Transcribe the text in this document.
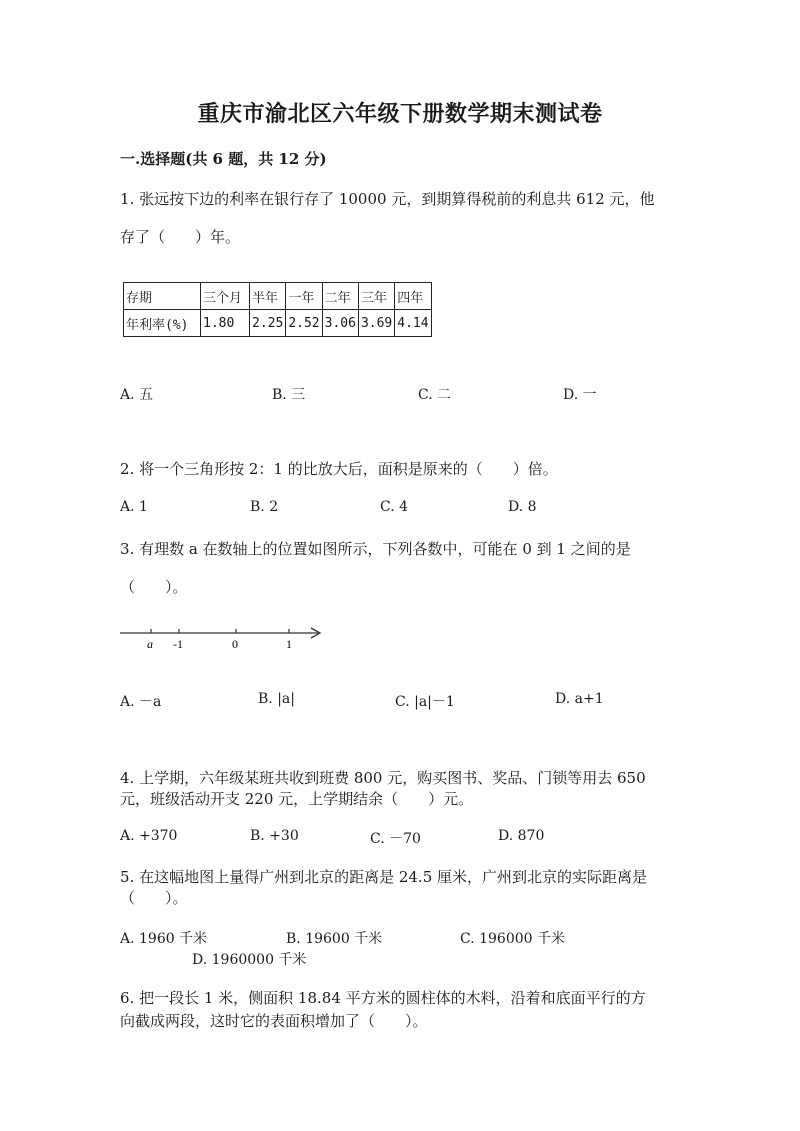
重庆市渝北区六年级下册数学期末测试卷
一.选择题(共 6 题，共 12 分)
1. 张远按下边的利率在银行存了 10000 元，到期算得税前的利息共 612 元，他
存了（　　）年。
存期	三个月	半年	一年	二年	三年	四年
年利率(%)	1.80	2.25	2.52	3.06	3.69	4.14
A. 五	B. 三	C. 二	D. 一
2. 将一个三角形按 2：1 的比放大后，面积是原来的（　　）倍。
A. 1	B. 2	C. 4	D. 8
3. 有理数 a 在数轴上的位置如图所示，下列各数中，可能在 0 到 1 之间的是
（　　）。
a -1	0	1
A. －a	B. |a|	C. |a|－1	D. a+1
4. 上学期，六年级某班共收到班费 800 元，购买图书、奖品、门锁等用去 650
元，班级活动开支 220 元，上学期结余（　　）元。
A. +370	B. +30	C. －70	D. 870
5. 在这幅地图上量得广州到北京的距离是 24.5 厘米，广州到北京的实际距离是
（　　）。
A. 1960 千米	B. 19600 千米	C. 196000 千米
D. 1960000 千米
6. 把一段长 1 米，侧面积 18.84 平方米的圆柱体的木料，沿着和底面平行的方
向截成两段，这时它的表面积增加了（　　）。
